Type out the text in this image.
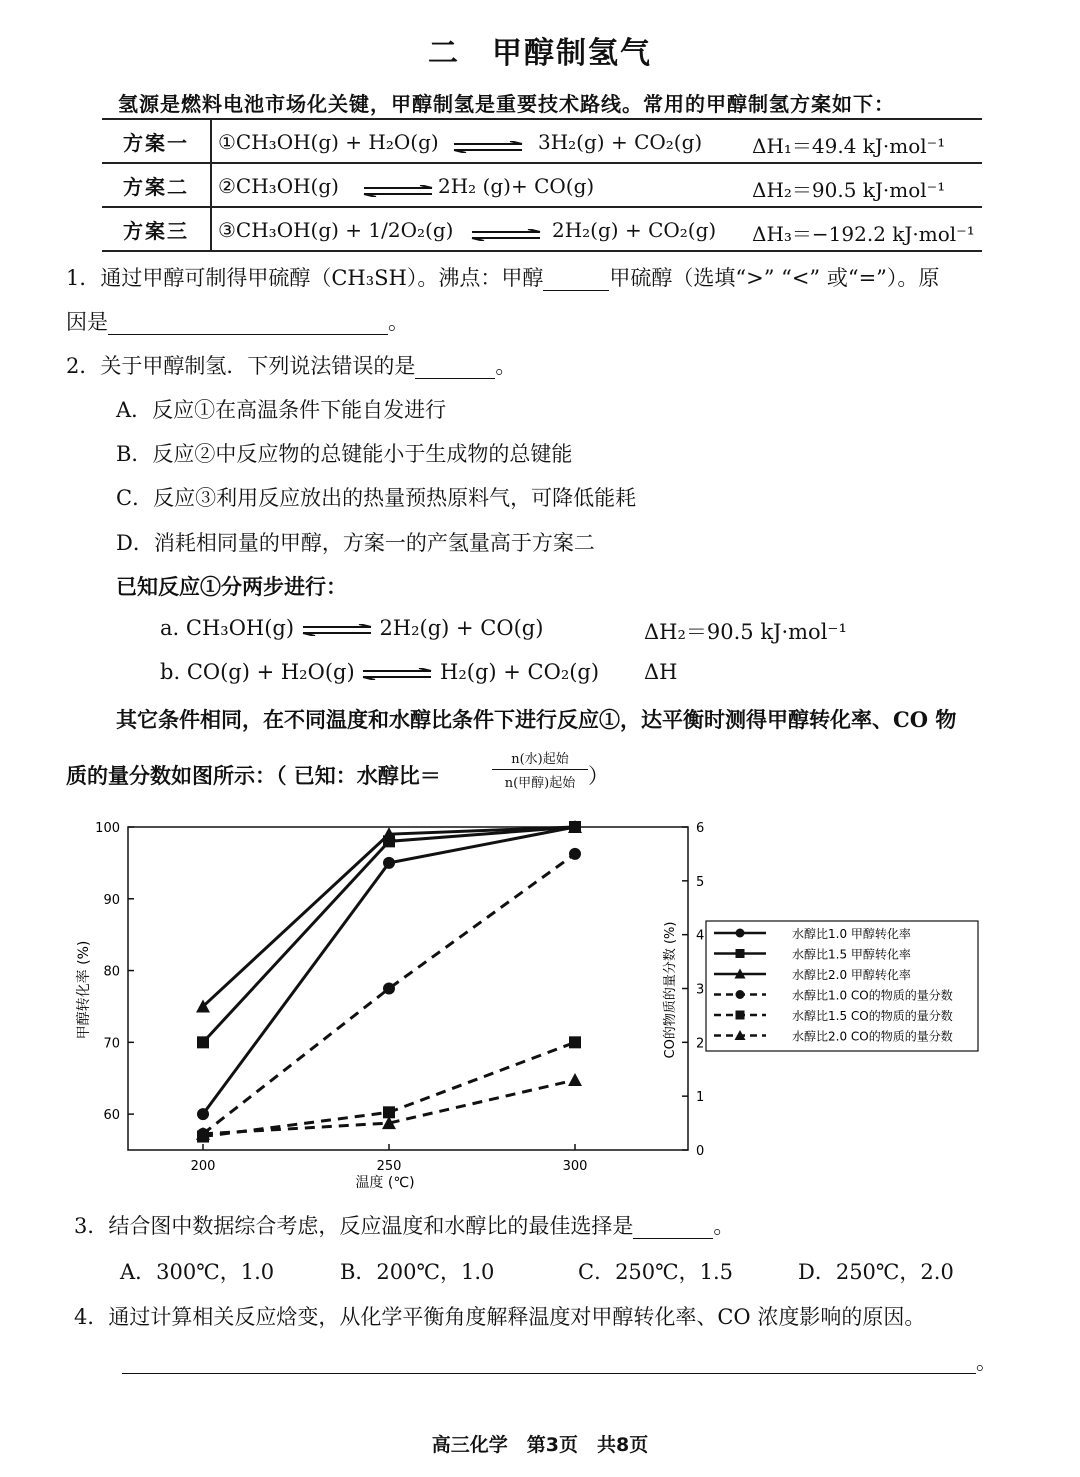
二　甲醇制氢气
氢源是燃料电池市场化关键，甲醇制氢是重要技术路线。常用的甲醇制氢方案如下：
方案一	①CH₃OH(g) + H₂O(g) 3H₂(g) + CO₂(g) ΔH₁＝49.4 kJ·mol⁻¹

方案二	②CH₃OH(g) 2H₂ (g)+ CO(g) ΔH₂＝90.5 kJ·mol⁻¹

方案三	③CH₃OH(g) + 1/2O₂(g) 2H₂(g) + CO₂(g) ΔH₃＝−192.2 kJ·mol⁻¹
1．通过甲醇可制得甲硫醇（CH₃SH）。沸点：甲醇	甲硫醇（选填“>” “<” 或“=”）。原
因是	。
2．关于甲醇制氢．下列说法错误的是	。
A．反应①在高温条件下能自发进行
B．反应②中反应物的总键能小于生成物的总键能
C．反应③利用反应放出的热量预热原料气，可降低能耗
D．消耗相同量的甲醇，方案一的产氢量高于方案二
已知反应①分两步进行：
a. CH₃OH(g) ⇌ 2H₂(g) + CO(g)	ΔH₂＝90.5 kJ·mol⁻¹
b. CO(g) + H₂O(g) ⇌ H₂(g) + CO₂(g) ΔH
其它条件相同，在不同温度和水醇比条件下进行反应①，达平衡时测得甲醇转化率、CO 物
质的量分数如图所示：（ 已知：水醇比＝
n(水)起始
n(甲醇)起始 ）
60
70
80
90
100
0
1
2
3
4
5
6
200	250	300
温度 (℃)
甲醇转化率 (%)	CO的物质的量分数 (%)	水醇比1.0 甲醇转化率
水醇比1.5 甲醇转化率
水醇比2.0 甲醇转化率
水醇比1.0 CO的物质的量分数
水醇比1.5 CO的物质的量分数
水醇比2.0 CO的物质的量分数
3．结合图中数据综合考虑，反应温度和水醇比的最佳选择是	。
A．300℃，1.0	B．200℃，1.0	C．250℃，1.5	D．250℃，2.0
4．通过计算相关反应焓变，从化学平衡角度解释温度对甲醇转化率、CO 浓度影响的原因。
。
高三化学　第3页　共8页
